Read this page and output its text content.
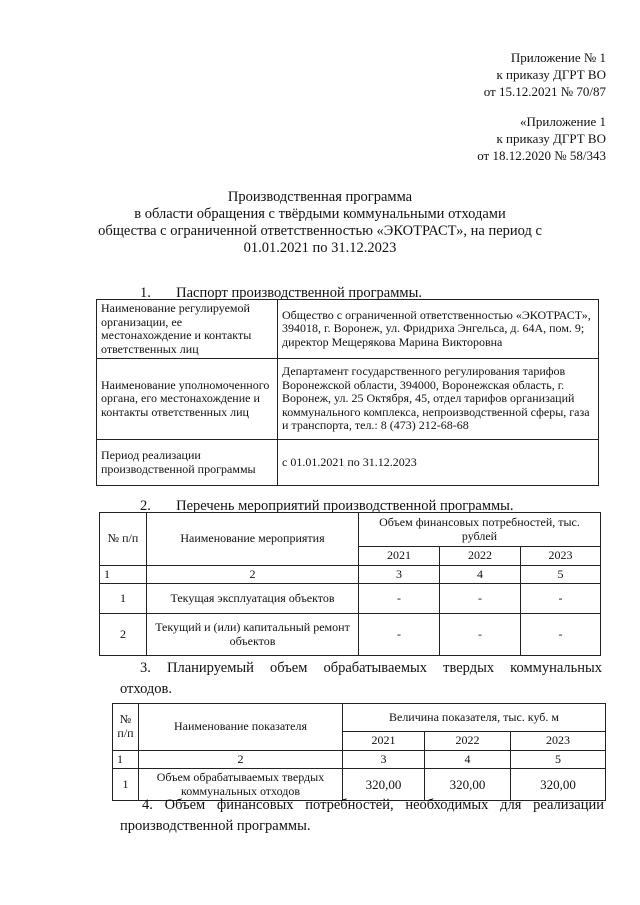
Приложение № 1
к приказу ДГРТ ВО
от 15.12.2021 № 70/87
«Приложение 1
к приказу ДГРТ ВО
от 18.12.2020 № 58/343
Производственная программа
в области обращения с твёрдыми коммунальными отходами
общества с ограниченной ответственностью «ЭКОТРАСТ», на период с
01.01.2021 по 31.12.2023
1. Паспорт производственной программы.
Наименование регулируемой организации, ее местонахождение и контакты ответственных лиц	Общество с ограниченной ответственностью «ЭКОТРАСТ», 394018, г. Воронеж, ул. Фридриха Энгельса, д. 64А, пом. 9; директор Мещерякова Марина Викторовна
Наименование уполномоченного органа, его местонахождение и контакты ответственных лиц	Департамент государственного регулирования тарифов Воронежской области, 394000, Воронежская область, г. Воронеж, ул. 25 Октября, 45, отдел тарифов организаций коммунального комплекса, непроизводственной сферы, газа и транспорта, тел.: 8 (473) 212-68-68
Период реализации производственной программы	с 01.01.2021 по 31.12.2023
2. Перечень мероприятий производственной программы.
№ п/п	Наименование мероприятия	Объем финансовых потребностей, тыс. рублей		
		2021	2022	2023
1	2	3	4	5
1	Текущая эксплуатация объектов	-	-	-
2	Текущий и (или) капитальный ремонт объектов	-	-	-
3. Планируемый объем обрабатываемых твердых коммунальных
отходов.
№ п/п	Наименование показателя	Величина показателя, тыс. куб. м		
		2021	2022	2023
1	2	3	4	5
1	Объем обрабатываемых твердых коммунальных отходов	320,00	320,00	320,00
4. Объем финансовых потребностей, необходимых для реализации
производственной программы.
